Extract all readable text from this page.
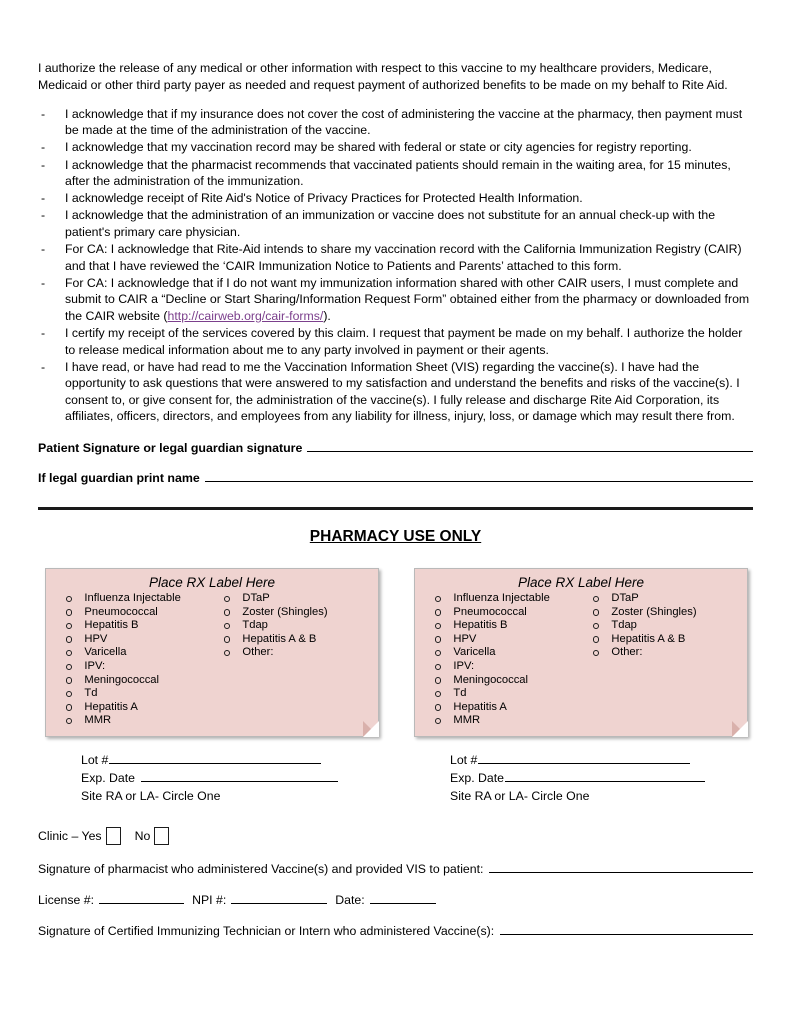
I authorize the release of any medical or other information with respect to this vaccine to my healthcare providers, Medicare, Medicaid or other third party payer as needed and request payment of authorized benefits to be made on my behalf to Rite Aid.

- I acknowledge that if my insurance does not cover the cost of administering the vaccine at the pharmacy, then payment must be made at the time of the administration of the vaccine.
- I acknowledge that my vaccination record may be shared with federal or state or city agencies for registry reporting.
- I acknowledge that the pharmacist recommends that vaccinated patients should remain in the waiting area, for 15 minutes, after the administration of the immunization.
- I acknowledge receipt of Rite Aid's Notice of Privacy Practices for Protected Health Information.
- I acknowledge that the administration of an immunization or vaccine does not substitute for an annual check-up with the patient's primary care physician.
- For CA: I acknowledge that Rite-Aid intends to share my vaccination record with the California Immunization Registry (CAIR) and that I have reviewed the ‘CAIR Immunization Notice to Patients and Parents’ attached to this form.
- For CA: I acknowledge that if I do not want my immunization information shared with other CAIR users, I must complete and submit to CAIR a “Decline or Start Sharing/Information Request Form” obtained either from the pharmacy or downloaded from the CAIR website (http://cairweb.org/cair-forms/).
- I certify my receipt of the services covered by this claim. I request that payment be made on my behalf. I authorize the holder to release medical information about me to any party involved in payment or their agents.
- I have read, or have had read to me the Vaccination Information Sheet (VIS) regarding the vaccine(s). I have had the opportunity to ask questions that were answered to my satisfaction and understand the benefits and risks of the vaccine(s). I consent to, or give consent for, the administration of the vaccine(s). I fully release and discharge Rite Aid Corporation, its affiliates, officers, directors, and employees from any liability for illness, injury, loss, or damage which may result there from.
Patient Signature or legal guardian signature
If legal guardian print name
PHARMACY USE ONLY
Place RX Label Here
Influenza Injectable
Pneumococcal
Hepatitis B
HPV
Varicella
IPV:
Meningococcal
Td
Hepatitis A
MMR
DTaP
Zoster (Shingles)
Tdap
Hepatitis A & B
Other:
Place RX Label Here
Influenza Injectable
Pneumococcal
Hepatitis B
HPV
Varicella
IPV:
Meningococcal
Td
Hepatitis A
MMR
DTaP
Zoster (Shingles)
Tdap
Hepatitis A & B
Other:
Lot #
Exp. Date
Site RA or LA- Circle One
Lot #
Exp. Date
Site RA or LA- Circle One
Clinic – Yes	No
Signature of pharmacist who administered Vaccine(s) and provided VIS to patient:
License #:	NPI #:	Date:
Signature of Certified Immunizing Technician or Intern who administered Vaccine(s):
